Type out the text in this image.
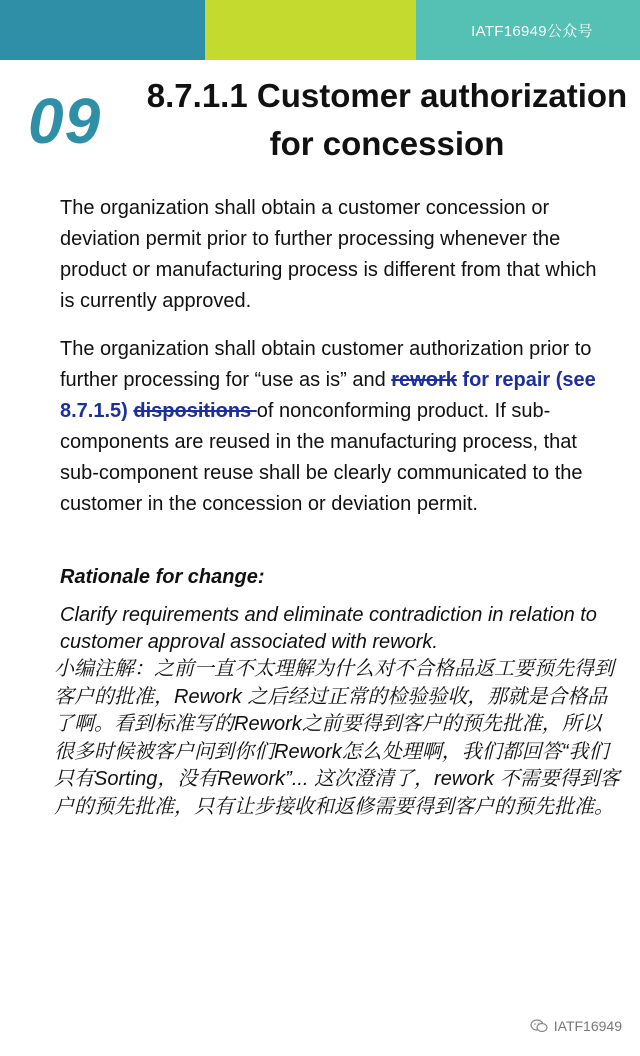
IATF16949公众号
09 8.7.1.1 Customer authorization for concession
The organization shall obtain a customer concession or deviation permit prior to further processing whenever the product or manufacturing process is different from that which is currently approved.
The organization shall obtain customer authorization prior to further processing for “use as is” and rework for repair (see 8.7.1.5) dispositions of nonconforming product. If sub- components are reused in the manufacturing process, that sub-component reuse shall be clearly communicated to the customer in the concession or deviation permit.
Rationale for change:
Clarify requirements and eliminate contradiction in relation to customer approval associated with rework.
小编注解：之前一直不太理解为什么对不合格品返工要预先得到客户的批准，Rework 之后经过正常的检验验收，那就是合格品了啊。看到标准写的Rework之前要得到客户的预先批准，所以很多时候被客户问到你们Rework怎么处理啊，我们都回答“我们只有Sorting，没有Rework”... 这次澄清了，rework 不需要得到客户的预先批准，只有让步接收和返修需要得到客户的预先批准。
IATF16949
